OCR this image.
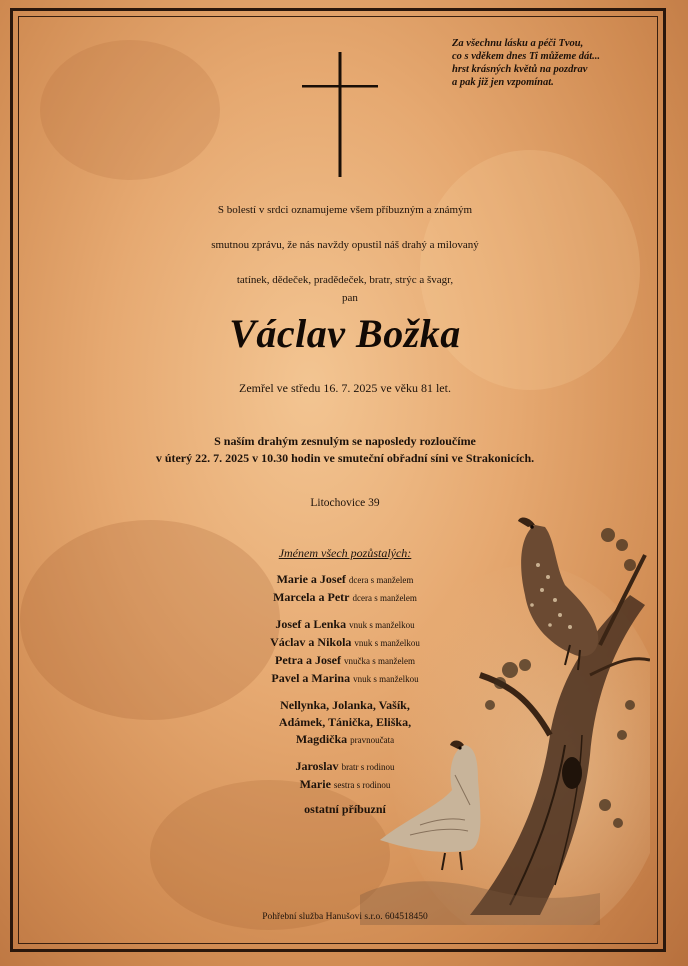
Za všechnu lásku a péči Tvou,
co s vděkem dnes Ti můžeme dát...
hrst krásných květů na pozdrav
a pak již jen vzpomínat.
S bolestí v srdci oznamujeme všem příbuzným a známým
smutnou zprávu, že nás navždy opustil náš drahý a milovaný
tatínek, dědeček, pradědeček, bratr, strýc a švagr,
pan
Václav Božka
Zemřel ve středu 16. 7. 2025 ve věku 81 let.
S naším drahým zesnulým se naposledy rozloučíme
v úterý 22. 7. 2025 v 10.30 hodin ve smuteční obřadní síni ve Strakonicích.
Litochovice 39
Jménem všech pozůstalých:
Marie a Josef dcera s manželem
Marcela a Petr dcera s manželem
Josef a Lenka vnuk s manželkou
Václav a Nikola vnuk s manželkou
Petra a Josef vnučka s manželem
Pavel a Marina vnuk s manželkou
Nellynka, Jolanka, Vašík,
Adámek, Tánička, Eliška,
Magdička pravnoučata
Jaroslav bratr s rodinou
Marie sestra s rodinou
ostatní příbuzní
Pohřební služba Hanušovi s.r.o. 604518450
